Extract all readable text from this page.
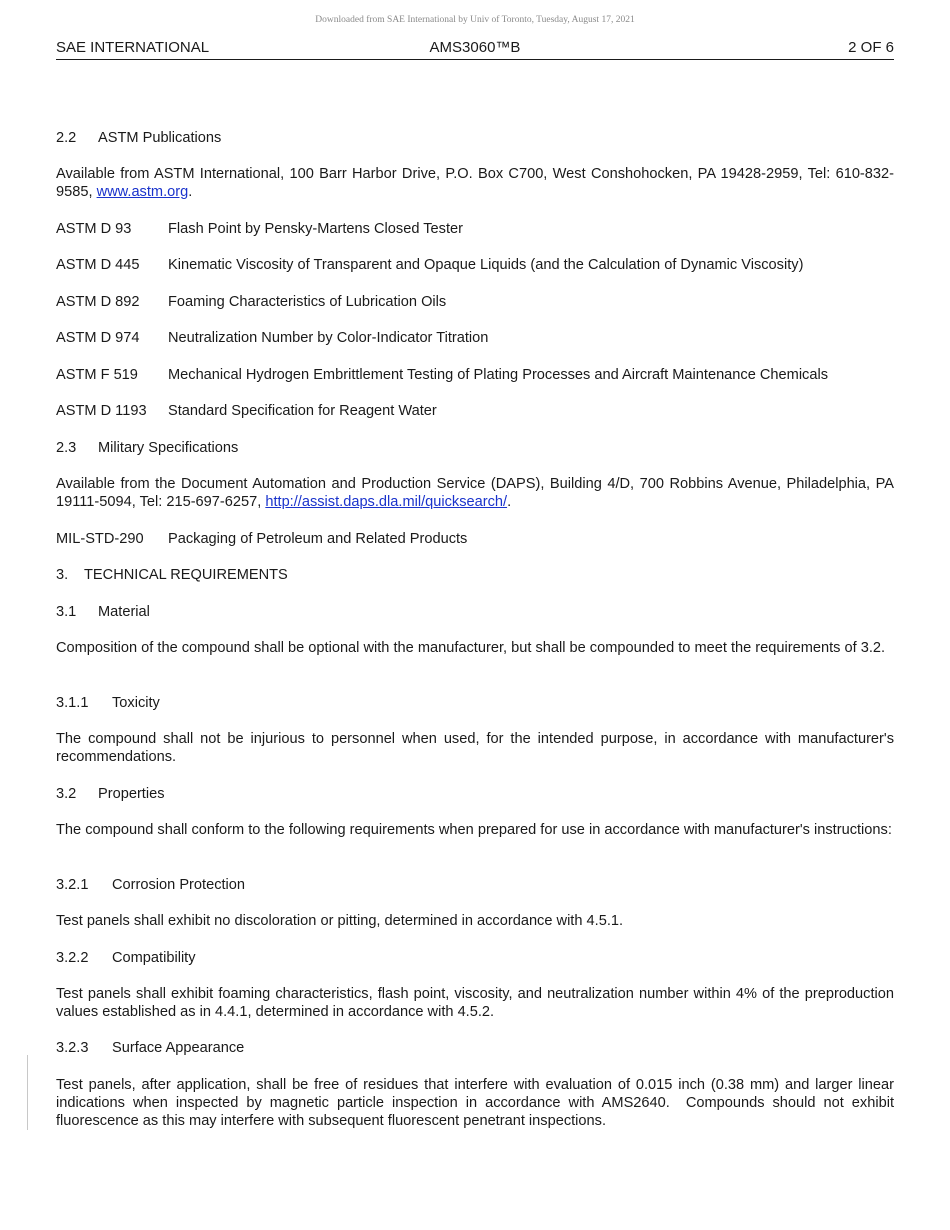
Downloaded from SAE International by Univ of Toronto, Tuesday, August 17, 2021
SAE INTERNATIONAL	AMS3060™B	2 OF 6

2.2 ASTM Publications

Available from ASTM International, 100 Barr Harbor Drive, P.O. Box C700, West Conshohocken, PA 19428-2959, Tel: 610-832-9585, www.astm.org.

ASTM D 93	Flash Point by Pensky-Martens Closed Tester

ASTM D 445 Kinematic Viscosity of Transparent and Opaque Liquids (and the Calculation of Dynamic Viscosity)

ASTM D 892 Foaming Characteristics of Lubrication Oils

ASTM D 974 Neutralization Number by Color-Indicator Titration

ASTM F 519 Mechanical Hydrogen Embrittlement Testing of Plating Processes and Aircraft Maintenance Chemicals

ASTM D 1193 Standard Specification for Reagent Water

2.3 Military Specifications

Available from the Document Automation and Production Service (DAPS), Building 4/D, 700 Robbins Avenue, Philadelphia, PA 19111-5094, Tel: 215-697-6257, http://assist.daps.dla.mil/quicksearch/.

MIL-STD-290 Packaging of Petroleum and Related Products

3. TECHNICAL REQUIREMENTS

3.1 Material

Composition of the compound shall be optional with the manufacturer, but shall be compounded to meet the requirements of 3.2.

3.1.1 Toxicity

The compound shall not be injurious to personnel when used, for the intended purpose, in accordance with manufacturer's recommendations.

3.2 Properties

The compound shall conform to the following requirements when prepared for use in accordance with manufacturer's instructions:

3.2.1 Corrosion Protection

Test panels shall exhibit no discoloration or pitting, determined in accordance with 4.5.1.

3.2.2 Compatibility

Test panels shall exhibit foaming characteristics, flash point, viscosity, and neutralization number within 4% of the preproduction values established as in 4.4.1, determined in accordance with 4.5.2.

3.2.3 Surface Appearance

Test panels, after application, shall be free of residues that interfere with evaluation of 0.015 inch (0.38 mm) and larger linear indications when inspected by magnetic particle inspection in accordance with AMS2640.  Compounds should not exhibit fluorescence as this may interfere with subsequent fluorescent penetrant inspections.
